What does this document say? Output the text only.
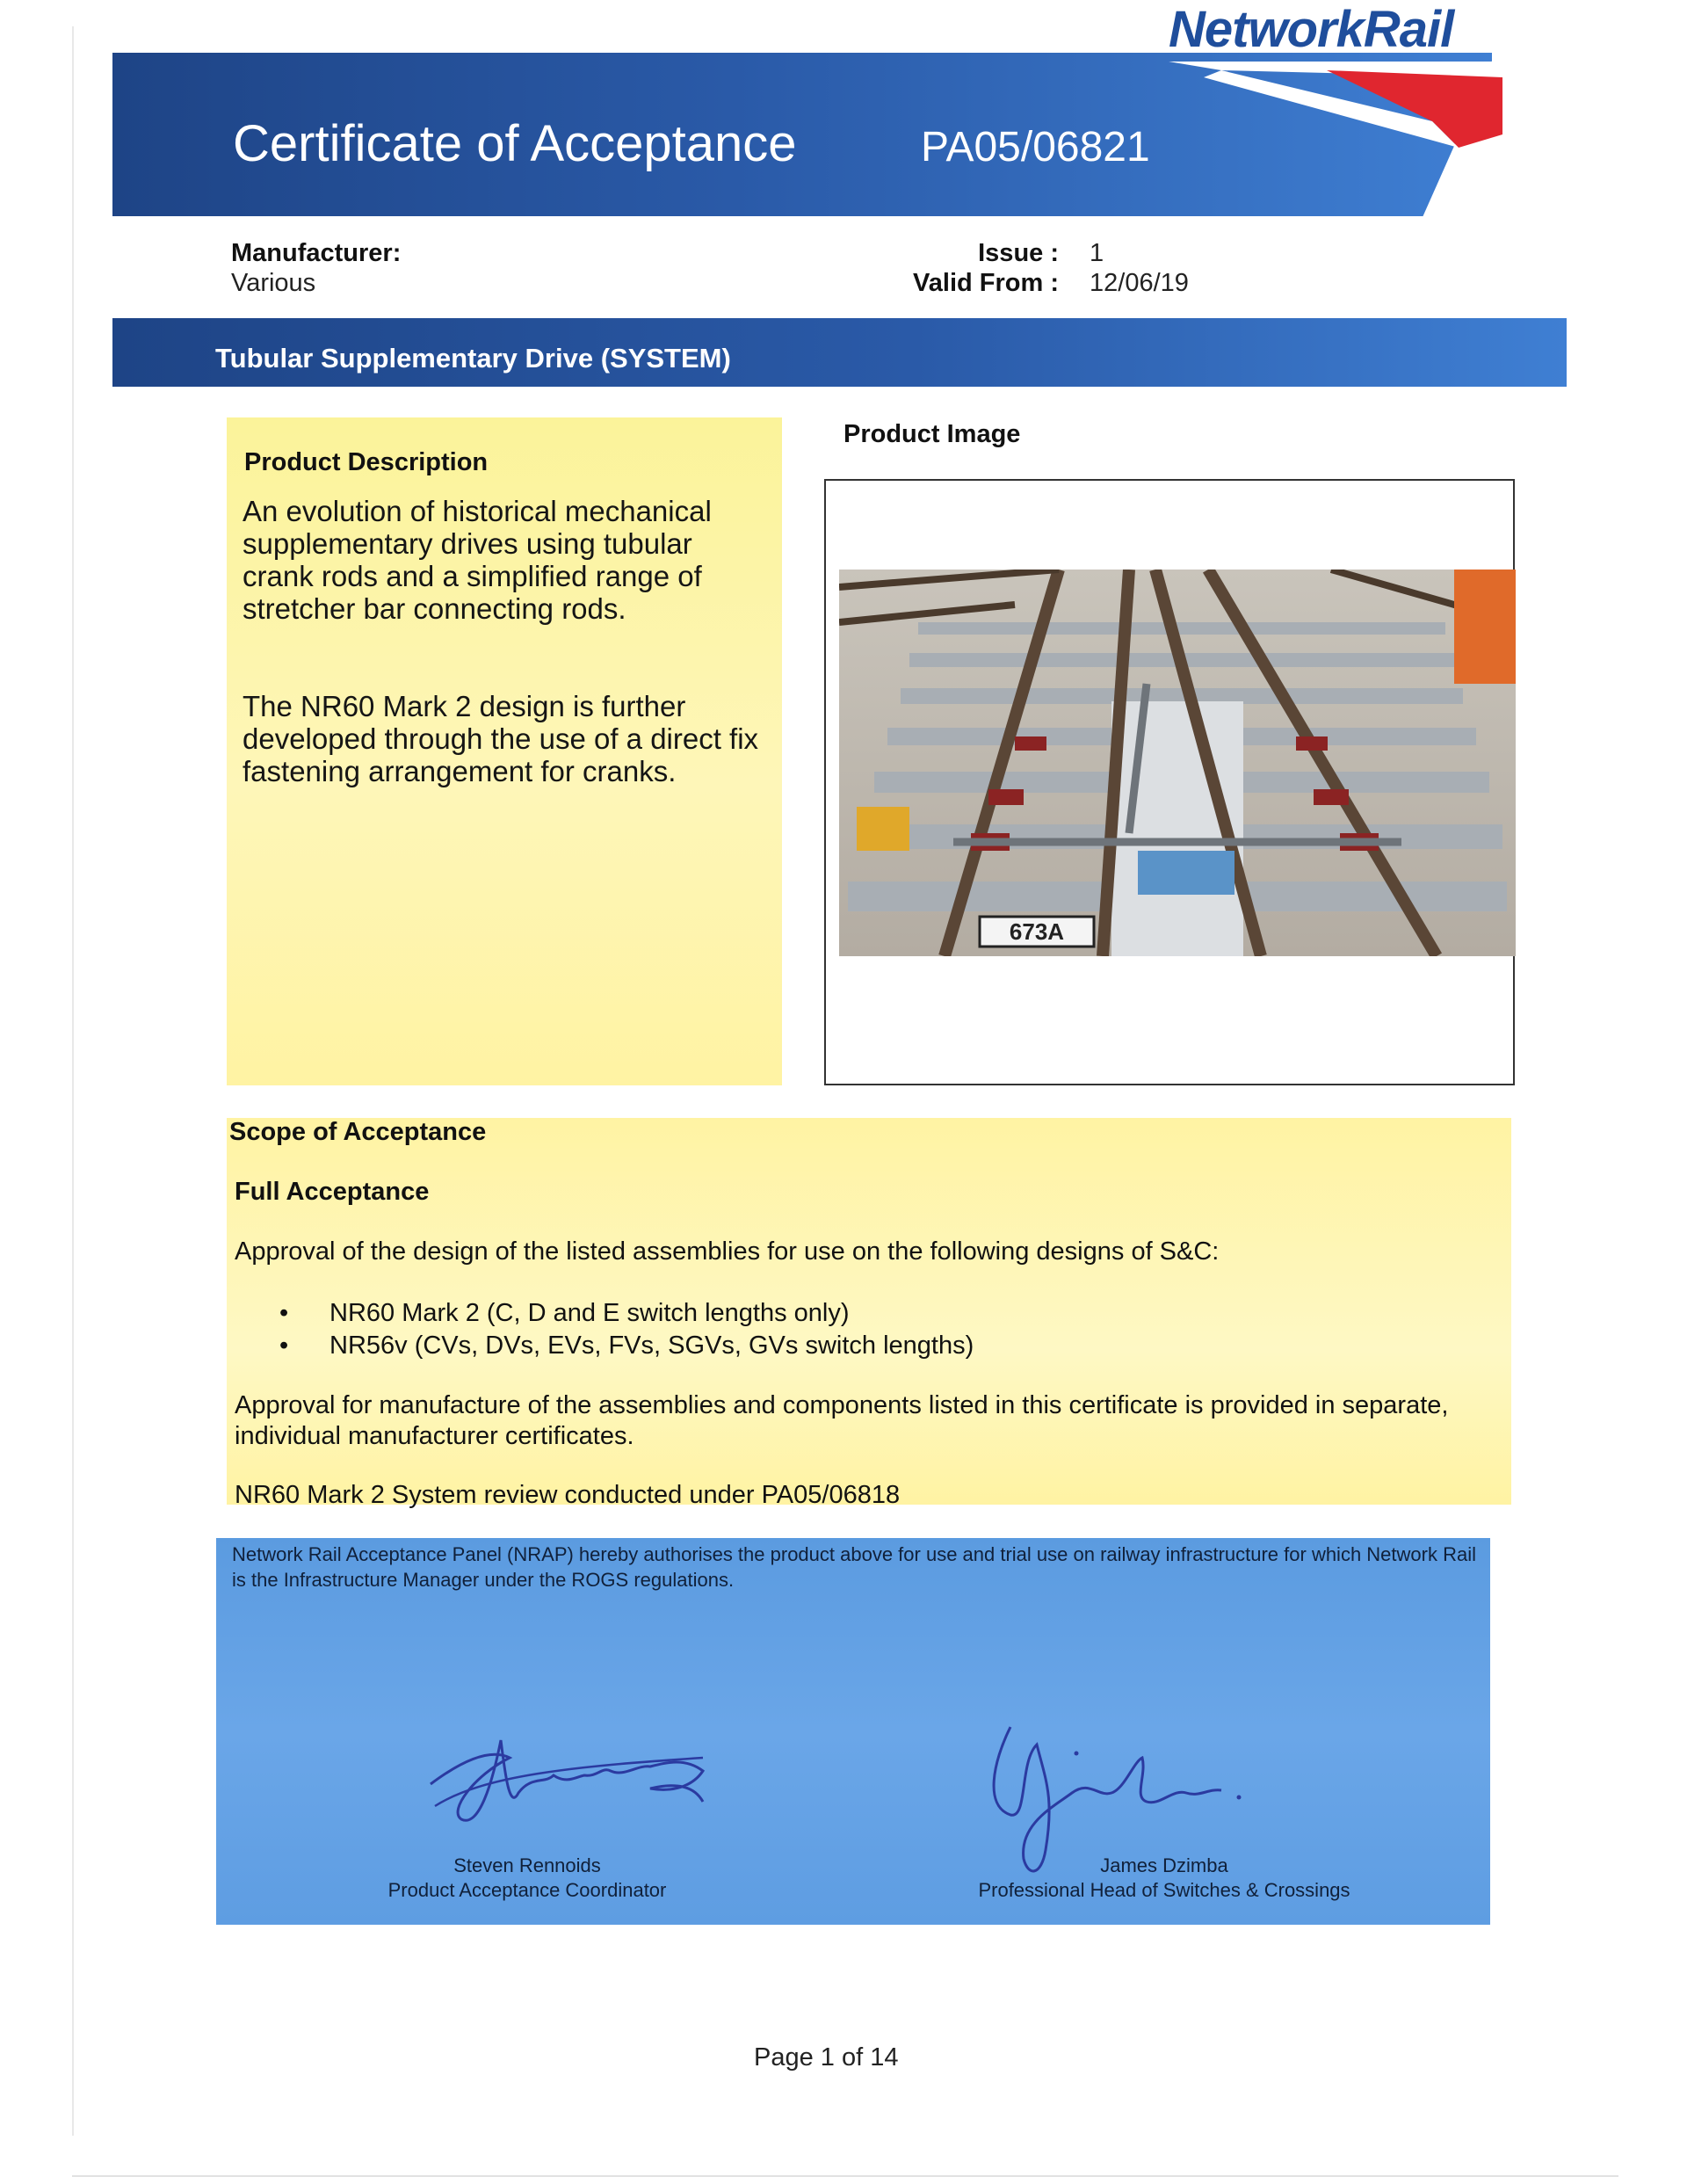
NetworkRail
Certificate of Acceptance	PA05/06821
Manufacturer:
Various
Issue : 1
Valid From : 12/06/19
Tubular Supplementary Drive (SYSTEM)
Product Description
An evolution of historical mechanical supplementary drives using tubular crank rods and a simplified range of stretcher bar connecting rods.
The NR60 Mark 2 design is further developed through the use of a direct fix fastening arrangement for cranks.
Product Image
673A
Scope of Acceptance
Full Acceptance
Approval of the design of the listed assemblies for use on the following designs of S&C:
• NR60 Mark 2 (C, D and E switch lengths only)
• NR56v (CVs, DVs, EVs, FVs, SGVs, GVs switch lengths)
Approval for manufacture of the assemblies and components listed in this certificate is provided in separate, individual manufacturer certificates.
NR60 Mark 2 System review conducted under PA05/06818
Network Rail Acceptance Panel (NRAP) hereby authorises the product above for use and trial use on railway infrastructure for which Network Rail is the Infrastructure Manager under the ROGS regulations.
Steven Rennoids
Product Acceptance Coordinator
James Dzimba
Professional Head of Switches & Crossings
Page 1 of 14
